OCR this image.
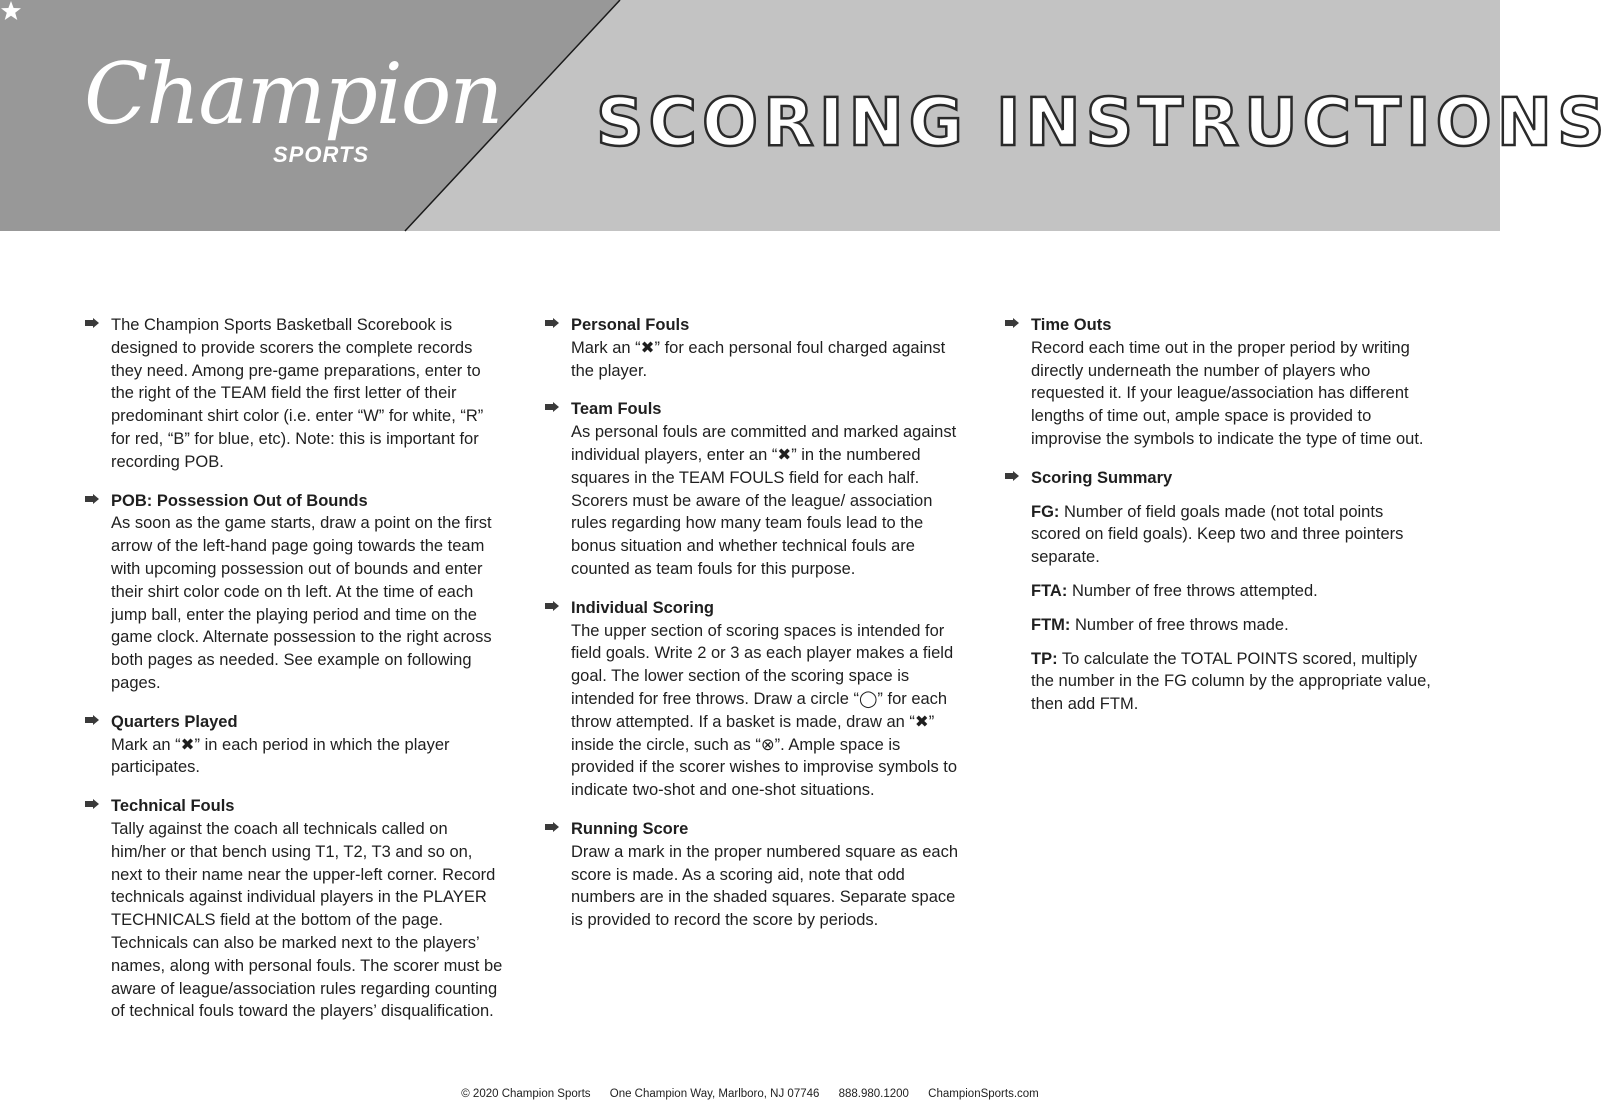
Champion
SPORTS	SCORING INSTRUCTIONS
The Champion Sports Basketball Scorebook is designed to provide scorers the complete records they need. Among pre-game preparations, enter to the right of the TEAM field the first letter of their predominant shirt color (i.e. enter “W” for white, “R” for red, “B” for blue, etc). Note: this is important for recording POB.
POB: Possession Out of Bounds
As soon as the game starts, draw a point on the first arrow of the left-hand page going towards the team with upcoming possession out of bounds and enter their shirt color code on th left. At the time of each jump ball, enter the playing period and time on the game clock. Alternate possession to the right across both pages as needed. See example on following pages.
Quarters Played
Mark an “✖” in each period in which the player participates.
Technical Fouls
Tally against the coach all technicals called on him/her or that bench using T1, T2, T3 and so on, next to their name near the upper-left corner. Record technicals against individual players in the PLAYER TECHNICALS field at the bottom of the page. Technicals can also be marked next to the players’ names, along with personal fouls. The scorer must be aware of league/association rules regarding counting of technical fouls toward the players’ disqualification.
Personal Fouls
Mark an “✖” for each personal foul charged against the player.
Team Fouls
As personal fouls are committed and marked against individual players, enter an “✖” in the numbered squares in the TEAM FOULS field for each half. Scorers must be aware of the league/ association rules regarding how many team fouls lead to the bonus situation and whether technical fouls are counted as team fouls for this purpose.
Individual Scoring
The upper section of scoring spaces is intended for field goals. Write 2 or 3 as each player makes a field goal. The lower section of the scoring space is intended for free throws. Draw a circle “◯” for each throw attempted. If a basket is made, draw an “✖” inside the circle, such as “⊗”. Ample space is provided if the scorer wishes to improvise symbols to indicate two-shot and one-shot situations.
Running Score
Draw a mark in the proper numbered square as each score is made. As a scoring aid, note that odd numbers are in the shaded squares. Separate space is provided to record the score by periods.
Time Outs
Record each time out in the proper period by writing directly underneath the number of players who requested it. If your league/association has different lengths of time out, ample space is provided to improvise the symbols to indicate the type of time out.
Scoring Summary
FG: Number of field goals made (not total points scored on field goals). Keep two and three pointers separate.
FTA: Number of free throws attempted.
FTM: Number of free throws made.
TP: To calculate the TOTAL POINTS scored, multiply the number in the FG column by the appropriate value, then add FTM.
© 2020 Champion Sports One Champion Way, Marlboro, NJ 07746 888.980.1200 ChampionSports.com
